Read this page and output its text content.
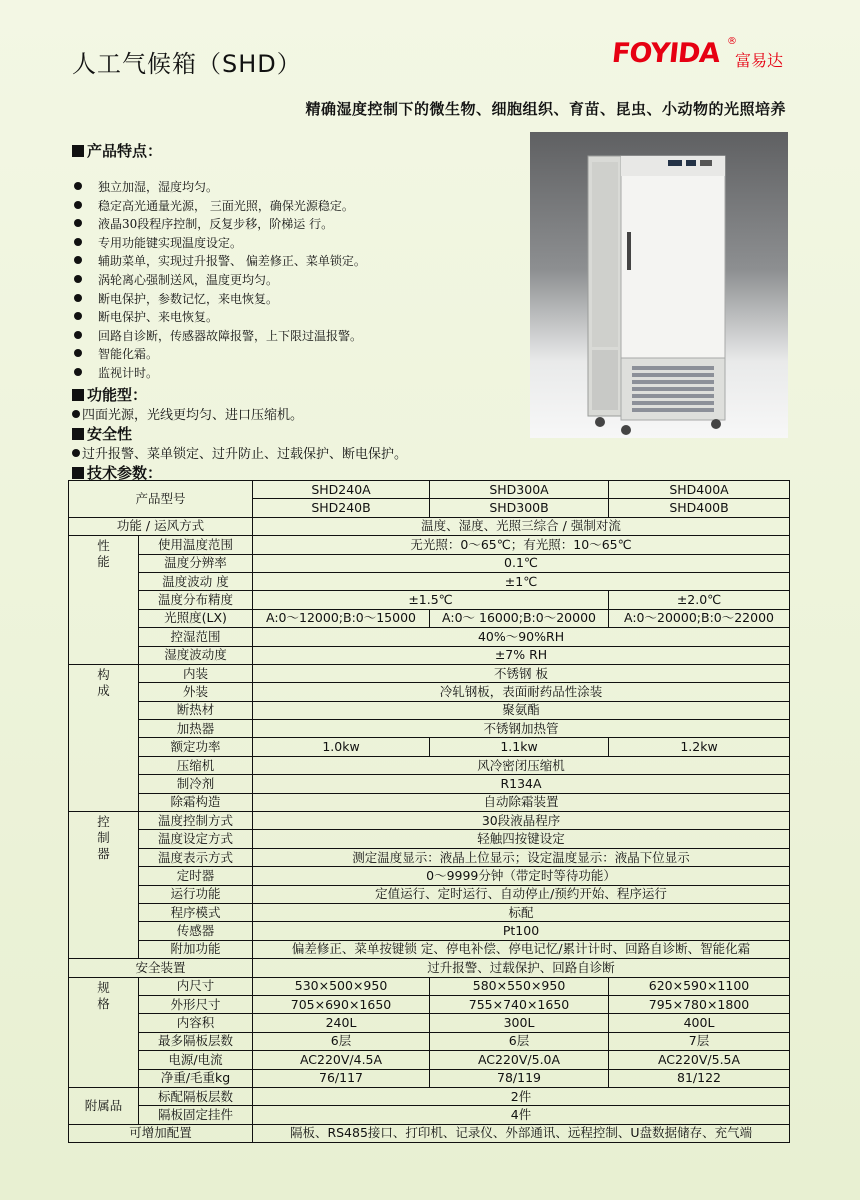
人工气候箱（SHD）	FOYIDA ®
富易达
精确湿度控制下的微生物、细胞组织、育苗、昆虫、小动物的光照培养
产品特点：
独立加湿，湿度均匀。
稳定高光通量光源， 三面光照，确保光源稳定。
液晶30段程序控制，反复步移，阶梯运 行。
专用功能键实现温度设定。
辅助菜单，实现过升报警、 偏差修正、菜单锁定。
涡轮离心强制送风，温度更均匀。
断电保护，参数记忆，来电恢复。
断电保护、来电恢复。
回路自诊断，传感器故障报警，上下限过温报警。
智能化霜。
监视计时。
功能型：
四面光源，光线更均匀、进口压缩机。
安全性
过升报警、菜单锁定、过升防止、过载保护、断电保护。
技术参数：
产品型号		SHD240A	SHD300A	SHD400A
		SHD240B	SHD300B	SHD400B
功能 / 运风方式		温度、湿度、光照三综合 / 强制对流		

性
能	使用温度范围	无光照：0～65℃；有光照：10～65℃		
	温度分辨率	0.1℃		
	温度波动 度	±1℃		
	温度分布精度	±1.5℃		±2.0℃
	光照度(LX)	A:0～12000;B:0～15000	A:0～ 16000;B:0～20000	A:0～20000;B:0～22000
	控湿范围	40%～90%RH		
	湿度波动度	±7% RH		

构
成	内装	不锈钢 板		
	外装	冷轧钢板，表面耐药品性涂装		
	断热材	聚氨酯		
	加热器	不锈钢加热管		
	额定功率	1.0kw	1.1kw	1.2kw
	压缩机	风冷密闭压缩机		
	制冷剂	R134A		
	除霜构造	自动除霜装置		

控
制
器	温度控制方式	30段液晶程序		
	温度设定方式	轻触四按键设定		
	温度表示方式	测定温度显示：液晶上位显示；设定温度显示：液晶下位显示		
	定时器	0～9999分钟（带定时等待功能）		
	运行功能	定值运行、定时运行、自动停止/预约开始、程序运行		
	程序模式	标配		
	传感器	Pt100		
	附加功能	偏差修正、菜单按键锁 定、停电补偿、停电记忆/累计计时、回路自诊断、智能化霜		
安全装置		过升报警、过载保护、回路自诊断		

规
格	内尺寸	530×500×950	580×550×950	620×590×1100
	外形尺寸	705×690×1650	755×740×1650	795×780×1800
	内容积	240L	300L	400L
	最多隔板层数	6层	6层	7层
	电源/电流	AC220V/4.5A	AC220V/5.0A	AC220V/5.5A
	净重/毛重kg	76/117	78/119	81/122
附属品	标配隔板层数	2件		
	隔板固定挂件	4件		
可增加配置		隔板、RS485接口、打印机、记录仪、外部通讯、远程控制、U盘数据储存、充气端		
